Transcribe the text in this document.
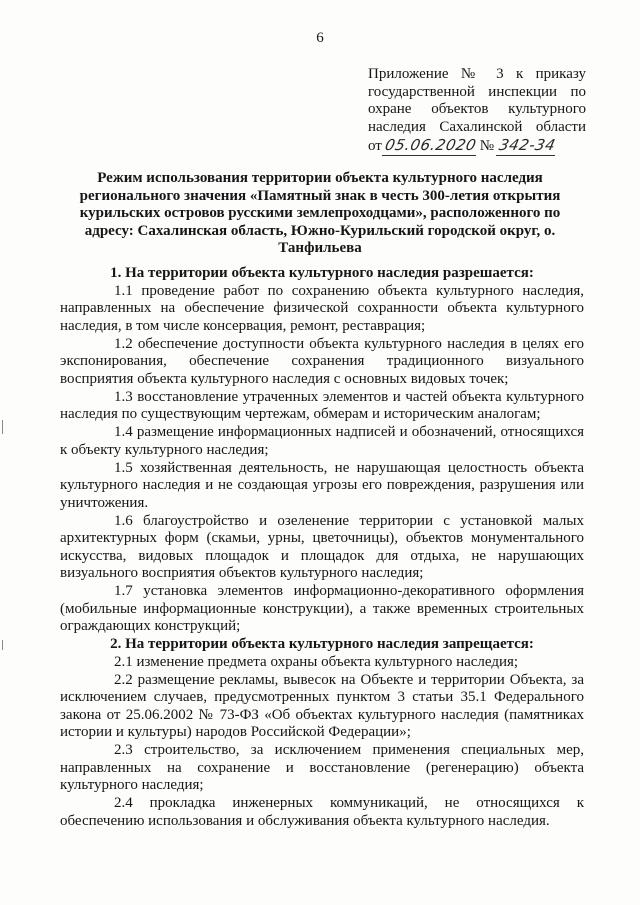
6
Приложение № 3 к приказу
государственной инспекции по
охране объектов культурного
наследия Сахалинской области
от 05.06.2020 № 342-34
Режим использования территории объекта культурного наследия регионального значения «Памятный знак в честь 300-летия открытия курильских островов русскими землепроходцами», расположенного по адресу: Сахалинская область, Южно-Курильский городской округ, о. Танфильева

1. На территории объекта культурного наследия разрешается:

1.1 проведение работ по сохранению объекта культурного наследия, направленных на обеспечение физической сохранности объекта культурного наследия, в том числе консервация, ремонт, реставрация;

1.2 обеспечение доступности объекта культурного наследия в целях его экспонирования, обеспечение сохранения традиционного визуального восприятия объекта культурного наследия с основных видовых точек;

1.3 восстановление утраченных элементов и частей объекта культурного наследия по существующим чертежам, обмерам и историческим аналогам;

1.4 размещение информационных надписей и обозначений, относящихся к объекту культурного наследия;

1.5 хозяйственная деятельность, не нарушающая целостность объекта культурного наследия и не создающая угрозы его повреждения, разрушения или уничтожения.

1.6 благоустройство и озеленение территории с установкой малых архитектурных форм (скамьи, урны, цветочницы), объектов монументального искусства, видовых площадок и площадок для отдыха, не нарушающих визуального восприятия объектов культурного наследия;

1.7 установка элементов информационно-декоративного оформления (мобильные информационные конструкции), а также временных строительных ограждающих конструкций;

2. На территории объекта культурного наследия запрещается:

2.1 изменение предмета охраны объекта культурного наследия;

2.2 размещение рекламы, вывесок на Объекте и территории Объекта, за исключением случаев, предусмотренных пунктом 3 статьи 35.1 Федерального закона от 25.06.2002 № 73-ФЗ «Об объектах культурного наследия (памятниках истории и культуры) народов Российской Федерации»;

2.3 строительство, за исключением применения специальных мер, направленных на сохранение и восстановление (регенерацию) объекта культурного наследия;

2.4 прокладка инженерных коммуникаций, не относящихся к обеспечению использования и обслуживания объекта культурного наследия.
